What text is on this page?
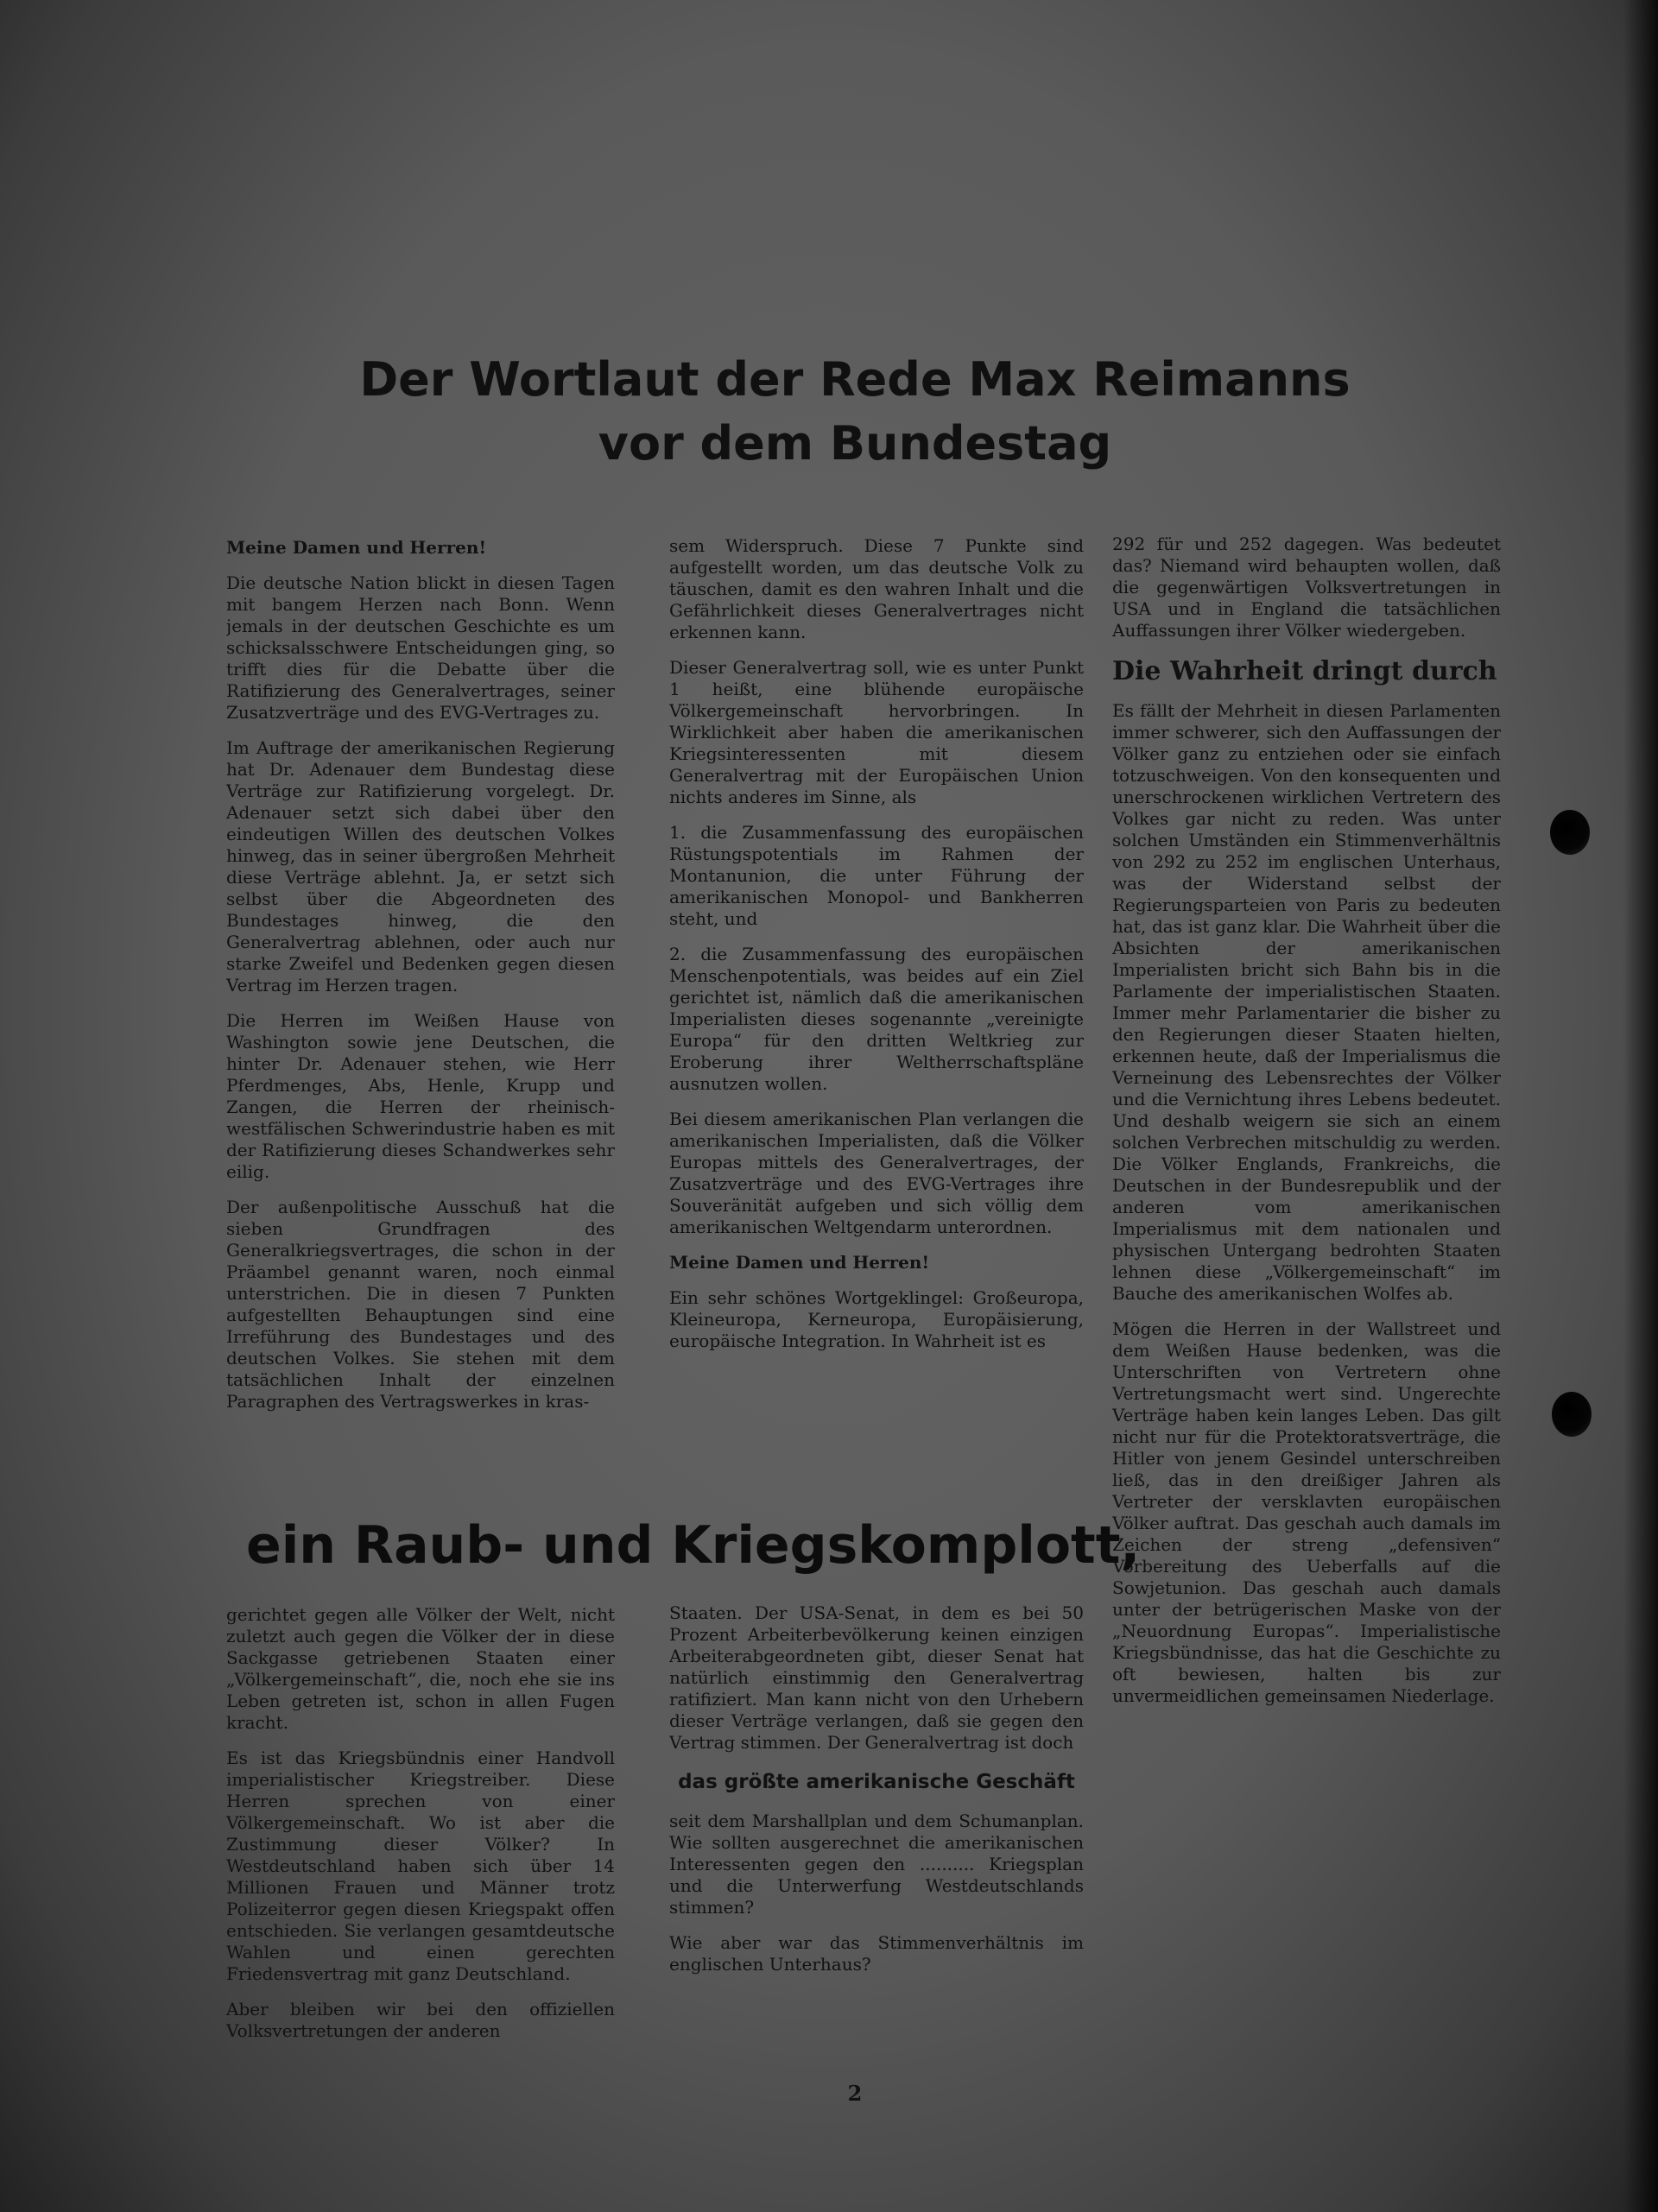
Der Wortlaut der Rede Max Reimanns
vor dem Bundestag

Meine Damen und Herren!

Die deutsche Nation blickt in diesen Tagen mit bangem Herzen nach Bonn. Wenn jemals in der deutschen Geschichte es um schicksalsschwere Entscheidungen ging, so trifft dies für die Debatte über die Ratifizierung des Generalvertrages, seiner Zusatzverträge und des EVG-Vertrages zu.

Im Auftrage der amerikanischen Regierung hat Dr. Adenauer dem Bundestag diese Verträge zur Ratifizierung vorgelegt. Dr. Adenauer setzt sich dabei über den eindeutigen Willen des deutschen Volkes hinweg, das in seiner übergroßen Mehrheit diese Verträge ablehnt. Ja, er setzt sich selbst über die Abgeordneten des Bundestages hinweg, die den Generalvertrag ablehnen, oder auch nur starke Zweifel und Bedenken gegen diesen Vertrag im Herzen tragen.

Die Herren im Weißen Hause von Washington sowie jene Deutschen, die hinter Dr. Adenauer stehen, wie Herr Pferdmenges, Abs, Henle, Krupp und Zangen, die Herren der rheinisch-westfälischen Schwerindustrie haben es mit der Ratifizierung dieses Schandwerkes sehr eilig.

Der außenpolitische Ausschuß hat die sieben Grundfragen des Generalkriegsvertrages, die schon in der Präambel genannt waren, noch einmal unterstrichen. Die in diesen 7 Punkten aufgestellten Behauptungen sind eine Irreführung des Bundestages und des deutschen Volkes. Sie stehen mit dem tatsächlichen Inhalt der einzelnen Paragraphen des Vertragswerkes in kras-

sem Widerspruch. Diese 7 Punkte sind aufgestellt worden, um das deutsche Volk zu täuschen, damit es den wahren Inhalt und die Gefährlichkeit dieses Generalvertrages nicht erkennen kann.

Dieser Generalvertrag soll, wie es unter Punkt 1 heißt, eine blühende europäische Völkergemeinschaft hervorbringen. In Wirklichkeit aber haben die amerikanischen Kriegsinteressenten mit diesem Generalvertrag mit der Europäischen Union nichts anderes im Sinne, als

1. die Zusammenfassung des europäischen Rüstungspotentials im Rahmen der Montanunion, die unter Führung der amerikanischen Monopol- und Bankherren steht, und

2. die Zusammenfassung des europäischen Menschenpotentials, was beides auf ein Ziel gerichtet ist, nämlich daß die amerikanischen Imperialisten dieses sogenannte „vereinigte Europa“ für den dritten Weltkrieg zur Eroberung ihrer Weltherrschaftspläne ausnutzen wollen.

Bei diesem amerikanischen Plan verlangen die amerikanischen Imperialisten, daß die Völker Europas mittels des Generalvertrages, der Zusatzverträge und des EVG-Vertrages ihre Souveränität aufgeben und sich völlig dem amerikanischen Weltgendarm unterordnen.

Meine Damen und Herren!

Ein sehr schönes Wortgeklingel: Großeuropa, Kleineuropa, Kerneuropa, Europäisierung, europäische Integration. In Wahrheit ist es

292 für und 252 dagegen. Was bedeutet das? Niemand wird behaupten wollen, daß die gegenwärtigen Volksvertretungen in USA und in England die tatsächlichen Auffassungen ihrer Völker wiedergeben.

Die Wahrheit dringt durch

Es fällt der Mehrheit in diesen Parlamenten immer schwerer, sich den Auffassungen der Völker ganz zu entziehen oder sie einfach totzuschweigen. Von den konsequenten und unerschrockenen wirklichen Vertretern des Volkes gar nicht zu reden. Was unter solchen Umständen ein Stimmenverhältnis von 292 zu 252 im englischen Unterhaus, was der Widerstand selbst der Regierungsparteien von Paris zu bedeuten hat, das ist ganz klar. Die Wahrheit über die Absichten der amerikanischen Imperialisten bricht sich Bahn bis in die Parlamente der imperialistischen Staaten. Immer mehr Parlamentarier die bisher zu den Regierungen dieser Staaten hielten, erkennen heute, daß der Imperialismus die Verneinung des Lebensrechtes der Völker und die Vernichtung ihres Lebens bedeutet. Und deshalb weigern sie sich an einem solchen Verbrechen mitschuldig zu werden. Die Völker Englands, Frankreichs, die Deutschen in der Bundesrepublik und der anderen vom amerikanischen Imperialismus mit dem nationalen und physischen Untergang bedrohten Staaten lehnen diese „Völkergemeinschaft“ im Bauche des amerikanischen Wolfes ab.

Mögen die Herren in der Wallstreet und dem Weißen Hause bedenken, was die Unterschriften von Vertretern ohne Vertretungsmacht wert sind. Ungerechte Verträge haben kein langes Leben. Das gilt nicht nur für die Protektoratsverträge, die Hitler von jenem Gesindel unterschreiben ließ, das in den dreißiger Jahren als Vertreter der versklavten europäischen Völker auftrat. Das geschah auch damals im Zeichen der streng „defensiven“ Vorbereitung des Ueberfalls auf die Sowjetunion. Das geschah auch damals unter der betrügerischen Maske von der „Neuordnung Europas“. Imperialistische Kriegsbündnisse, das hat die Geschichte zu oft bewiesen, halten bis zur unvermeidlichen gemeinsamen Niederlage.

ein Raub- und Kriegskomplott,

gerichtet gegen alle Völker der Welt, nicht zuletzt auch gegen die Völker der in diese Sackgasse getriebenen Staaten einer „Völkergemeinschaft“, die, noch ehe sie ins Leben getreten ist, schon in allen Fugen kracht.

Es ist das Kriegsbündnis einer Handvoll imperialistischer Kriegstreiber. Diese Herren sprechen von einer Völkergemeinschaft. Wo ist aber die Zustimmung dieser Völker? In Westdeutschland haben sich über 14 Millionen Frauen und Männer trotz Polizeiterror gegen diesen Kriegspakt offen entschieden. Sie verlangen gesamtdeutsche Wahlen und einen gerechten Friedensvertrag mit ganz Deutschland.

Aber bleiben wir bei den offiziellen Volksvertretungen der anderen

Staaten. Der USA-Senat, in dem es bei 50 Prozent Arbeiterbevölkerung keinen einzigen Arbeiterabgeordneten gibt, dieser Senat hat natürlich einstimmig den Generalvertrag ratifiziert. Man kann nicht von den Urhebern dieser Verträge verlangen, daß sie gegen den Vertrag stimmen. Der Generalvertrag ist doch

das größte amerikanische Geschäft

seit dem Marshallplan und dem Schumanplan. Wie sollten ausgerechnet die amerikanischen Interessenten gegen den .......... Kriegsplan und die Unterwerfung Westdeutschlands stimmen?

Wie aber war das Stimmenverhältnis im englischen Unterhaus?

2
